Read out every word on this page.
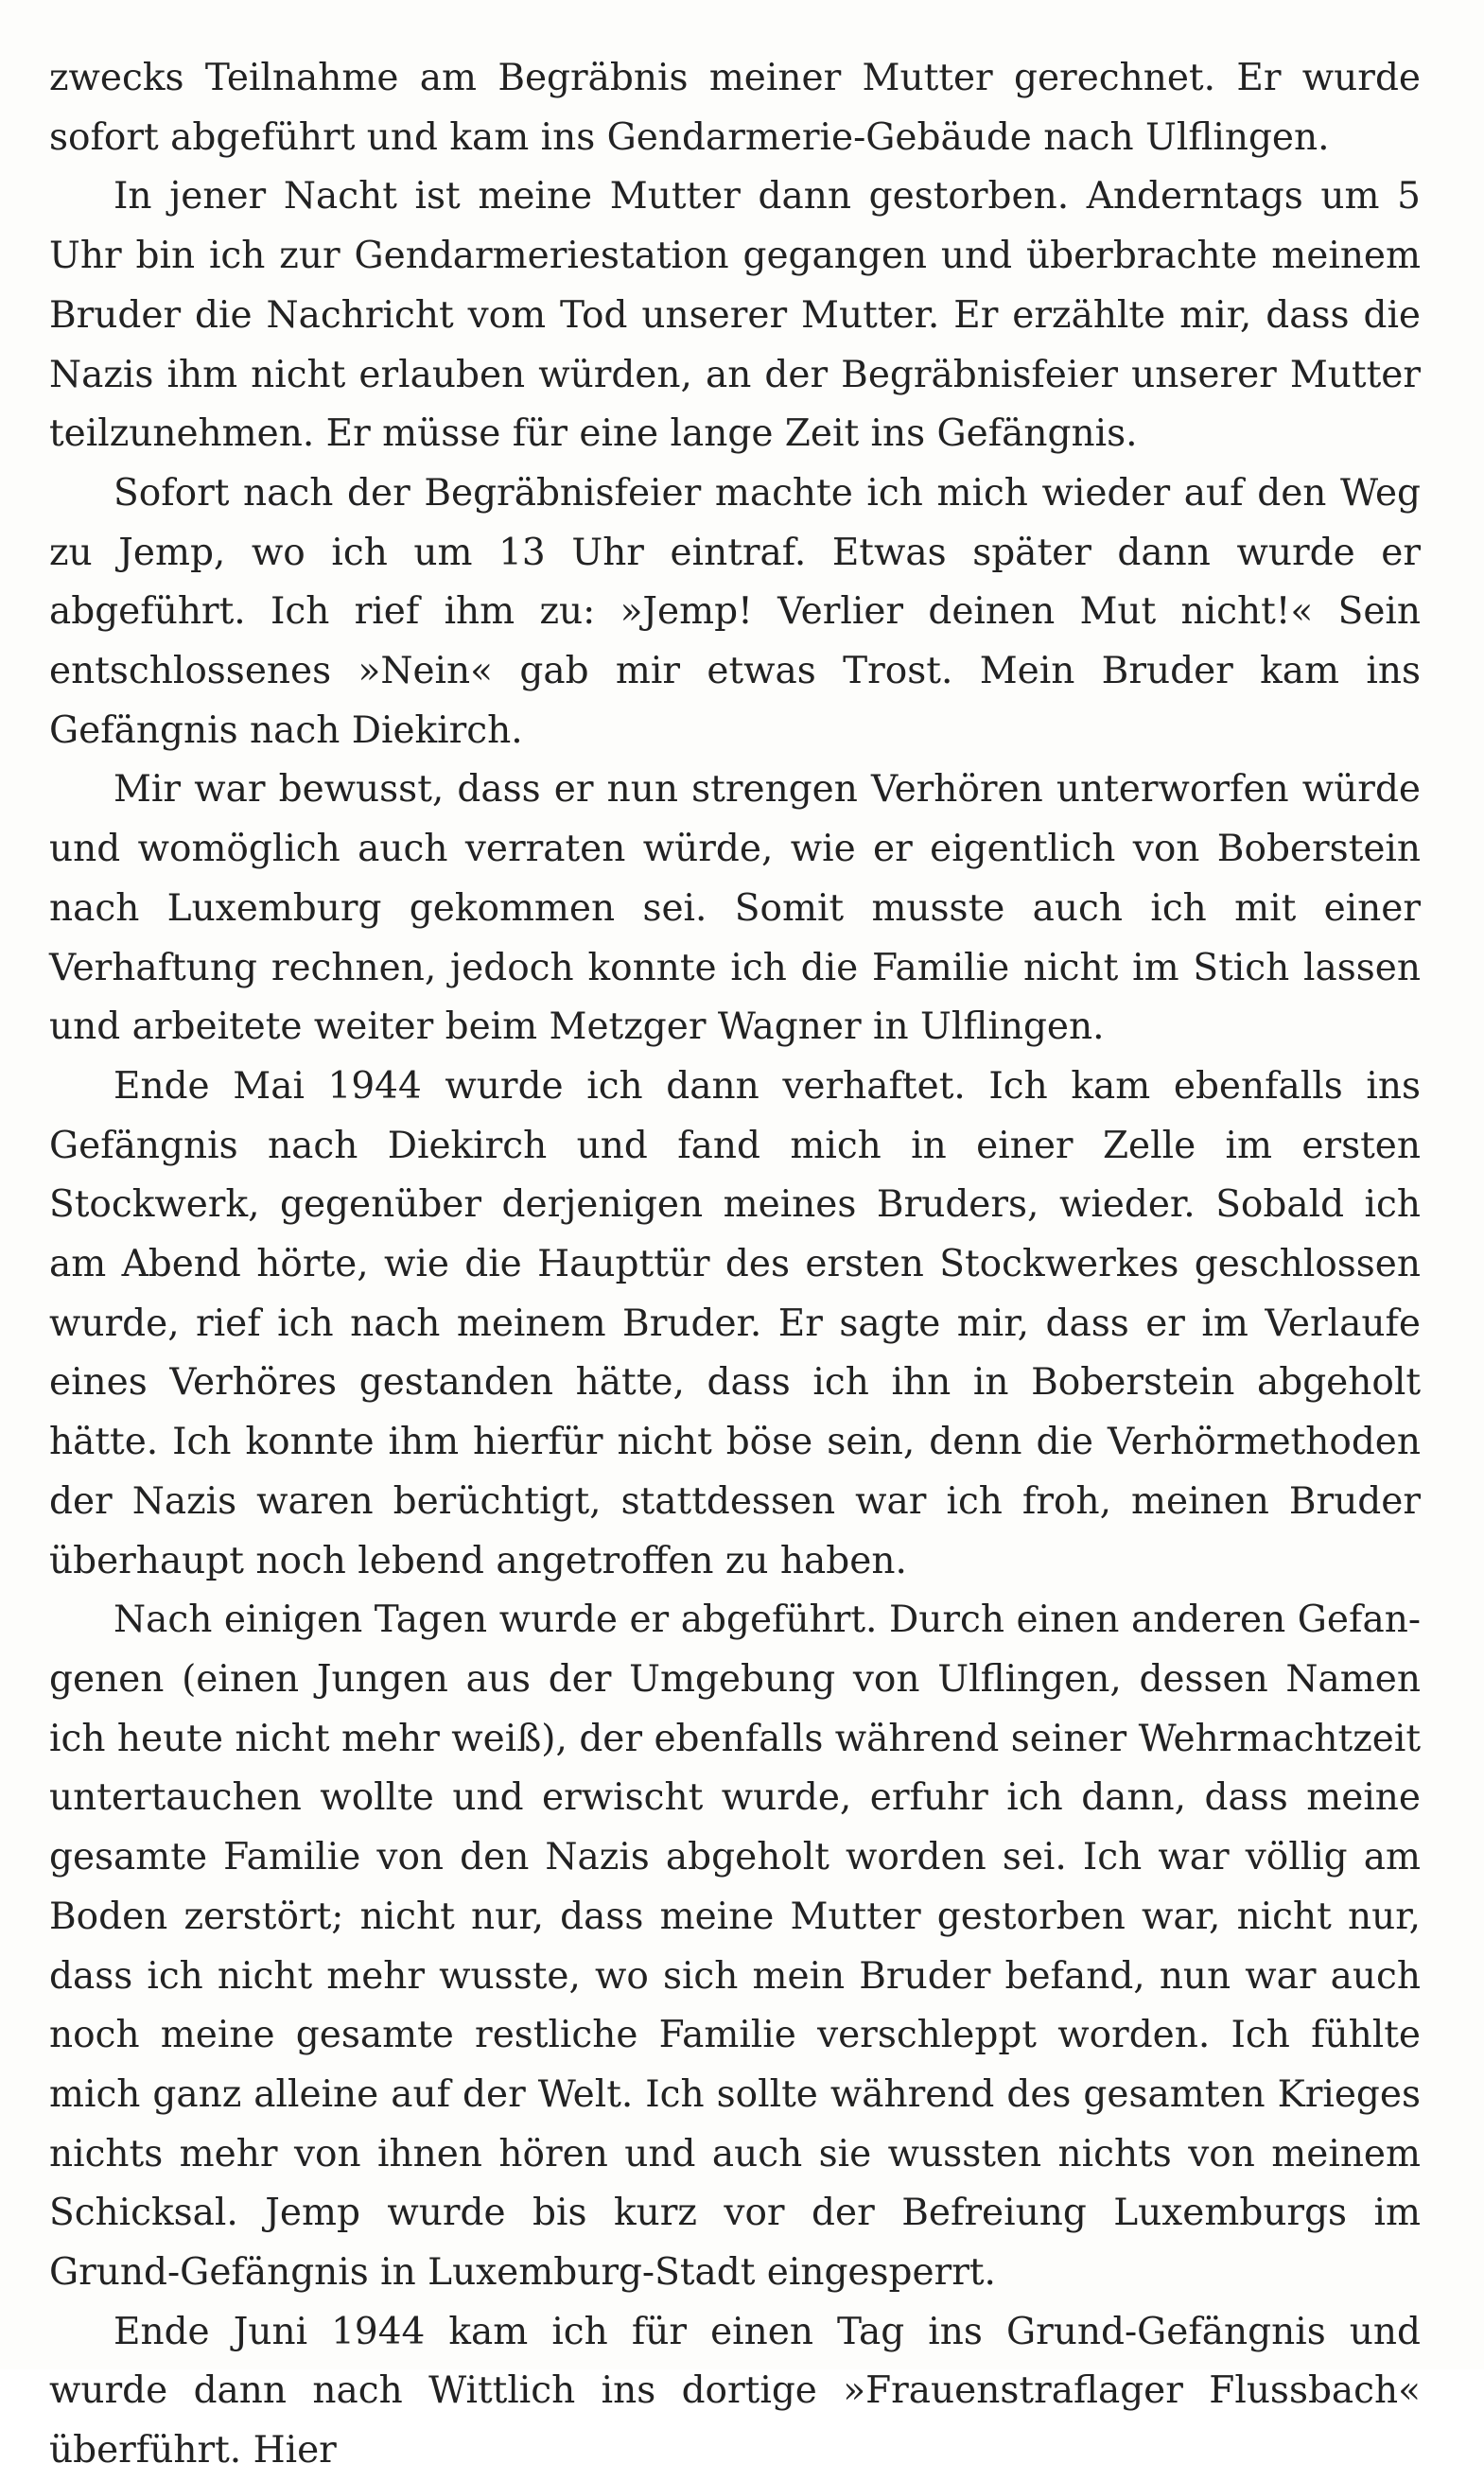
zwecks Teilnahme am Begräbnis meiner Mutter gerechnet. Er wurde sofort abgeführt und kam ins Gendarmerie-Gebäude nach Ulflingen.

In jener Nacht ist meine Mutter dann gestorben. Anderntags um 5 Uhr bin ich zur Gendarmeriestation gegangen und überbrachte meinem Bruder die Nachricht vom Tod unserer Mutter. Er erzählte mir, dass die Nazis ihm nicht erlauben würden, an der Begräbnisfeier unserer Mutter teilzunehmen. Er müsse für eine lange Zeit ins Gefängnis.

Sofort nach der Begräbnisfeier machte ich mich wieder auf den Weg zu Jemp, wo ich um 13 Uhr eintraf. Etwas später dann wurde er abgeführt. Ich rief ihm zu: »Jemp! Verlier deinen Mut nicht!« Sein entschlossenes »Nein« gab mir etwas Trost. Mein Bruder kam ins Gefängnis nach Diekirch.

Mir war bewusst, dass er nun strengen Verhören unterworfen würde und womöglich auch verraten würde, wie er eigentlich von Boberstein nach Luxemburg gekommen sei. Somit musste auch ich mit einer Verhaftung rechnen, jedoch konnte ich die Familie nicht im Stich lassen und arbeitete weiter beim Metzger Wagner in Ulflingen.

Ende Mai 1944 wurde ich dann verhaftet. Ich kam ebenfalls ins Gefängnis nach Diekirch und fand mich in einer Zelle im ersten Stockwerk, gegenüber derjenigen meines Bruders, wieder. Sobald ich am Abend hörte, wie die Haupttür des ersten Stockwerkes geschlossen wurde, rief ich nach meinem Bruder. Er sagte mir, dass er im Verlaufe eines Verhöres gestanden hätte, dass ich ihn in Boberstein abgeholt hätte. Ich konnte ihm hierfür nicht böse sein, denn die Verhörmethoden der Nazis waren berüchtigt, stattdessen war ich froh, meinen Bruder überhaupt noch lebend angetroffen zu haben.

Nach einigen Tagen wurde er abgeführt. Durch einen anderen Gefangenen (einen Jungen aus der Umgebung von Ulflingen, dessen Namen ich heute nicht mehr weiß), der ebenfalls während seiner Wehrmachtzeit untertauchen wollte und erwischt wurde, erfuhr ich dann, dass meine gesamte Familie von den Nazis abgeholt worden sei. Ich war völlig am Boden zerstört; nicht nur, dass meine Mutter gestorben war, nicht nur, dass ich nicht mehr wusste, wo sich mein Bruder befand, nun war auch noch meine gesamte restliche Familie verschleppt worden. Ich fühlte mich ganz alleine auf der Welt. Ich sollte während des gesamten Krieges nichts mehr von ihnen hören und auch sie wussten nichts von meinem Schicksal. Jemp wurde bis kurz vor der Befreiung Luxemburgs im Grund-Gefängnis in Luxemburg-Stadt eingesperrt.

Ende Juni 1944 kam ich für einen Tag ins Grund-Gefängnis und wurde dann nach Wittlich ins dortige »Frauenstraflager Flussbach« überführt. Hier
